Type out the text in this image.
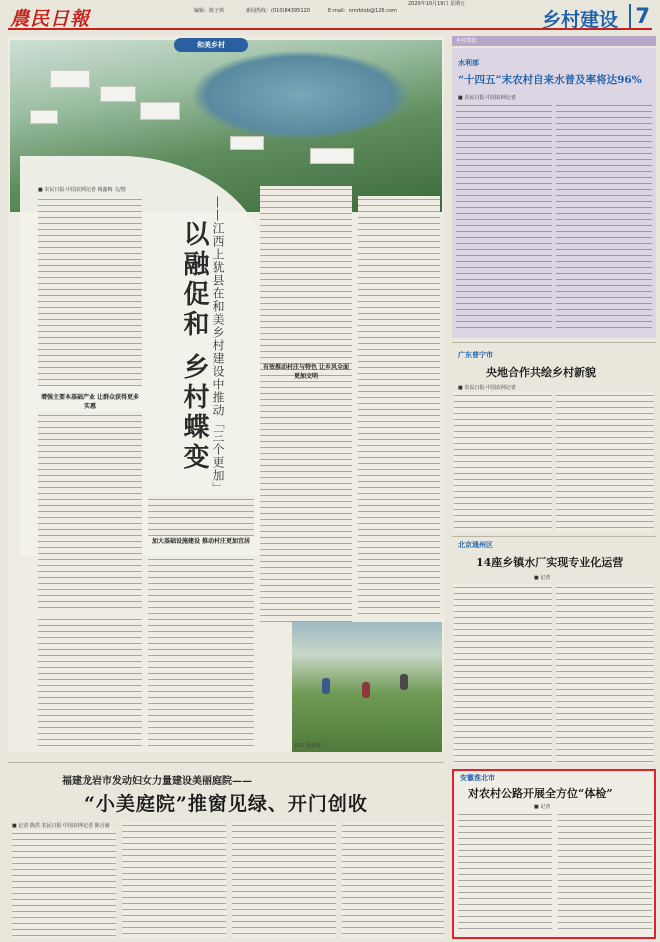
農民日報	编辑：陈子琪	新闻热线：(010)84395120	E-mail：nmrbtxb@126.com
2020年10月19日 星期五
乡村建设 7
和美乡村
■ 农民日报·中国农网记者 杨鑫梅 文/图
以融促和 乡村蝶变 ——江西上犹县在和美乡村建设中推动「三个更加」
增强主要本基础产业 让群众获得更多实惠
加大基础设施建设 推动村庄更加宜居
有效推动村庄与特色 让乡风全面更加文明
XXX 杨鑫梅
福建龙岩市发动妇女力量建设美丽庭院——
“小美庭院”推窗见绿、开门创收
■ 记者 陈洪 农民日报·中国农网记者 陈月瑜
乡村建设
水利部
“十四五”末农村自来水普及率将达96%
■ 农民日报·中国农网记者
广东普宁市
央地合作共绘乡村新貌
■ 农民日报·中国农网记者
北京通州区
14座乡镇水厂实现专业化运营
■ 记者
安徽淮北市
对农村公路开展全方位“体检”
■ 记者
